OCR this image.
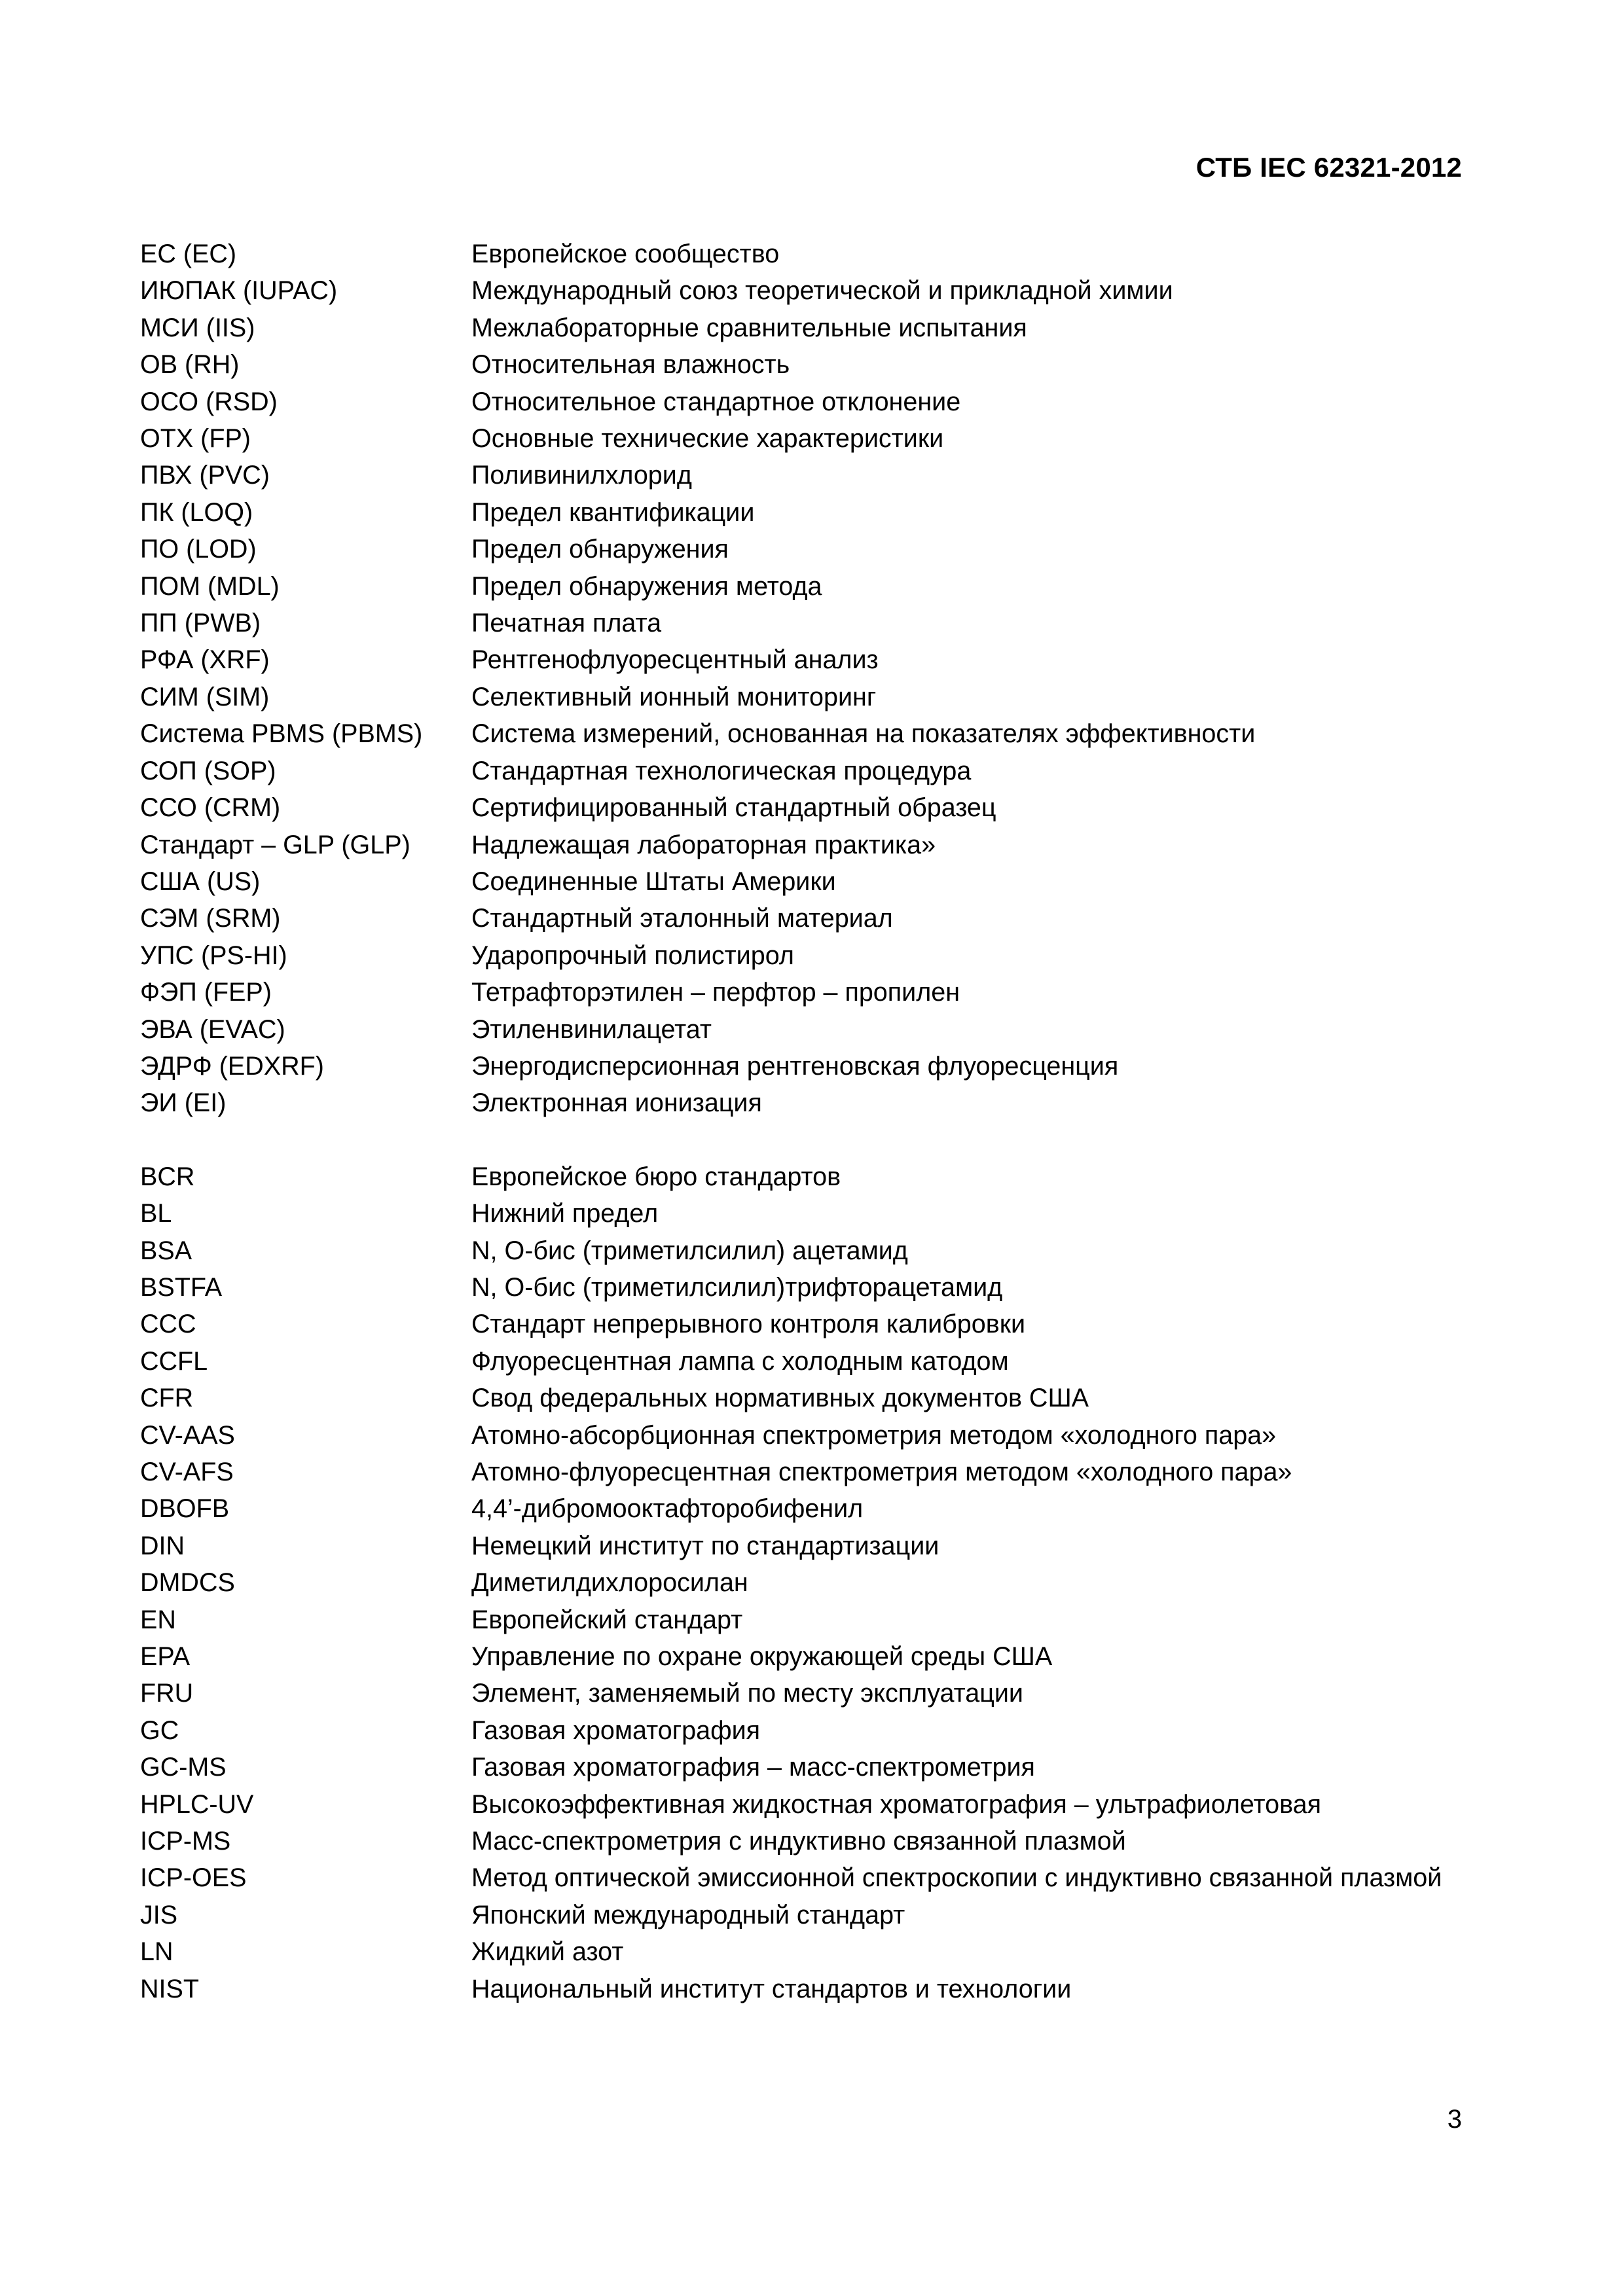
СТБ IEC 62321-2012
ЕС (ЕС)	Европейское сообщество
ИЮПАК (IUPAC)	Международный союз теоретической и прикладной химии
МСИ (IIS)	Межлабораторные сравнительные испытания
ОВ (RH)	Относительная влажность
ОСО (RSD)	Относительное стандартное отклонение
ОТХ (FP)	Основные технические характеристики
ПВХ (PVC)	Поливинилхлорид
ПК (LOQ)	Предел квантификации
ПО (LOD)	Предел обнаружения
ПОМ (MDL)	Предел обнаружения метода
ПП (PWB)	Печатная плата
РФА (XRF)	Рентгенофлуоресцентный анализ
СИМ (SIM)	Селективный ионный мониторинг
Система PBMS (PBMS)	Система измерений, основанная на показателях эффективности
СОП (SOP)	Стандартная технологическая процедура
ССО (CRM)	Сертифицированный стандартный образец
Стандарт – GLP (GLP)	Надлежащая лабораторная практика»
США (US)	Соединенные Штаты Америки
СЭМ (SRM)	Стандартный эталонный материал
УПС (PS-HI)	Ударопрочный полистирол
ФЭП (FEP)	Тетрафторэтилен – перфтор – пропилен
ЭВА (EVAC)	Этиленвинилацетат
ЭДРФ (EDXRF)	Энергодисперсионная рентгеновская флуоресценция
ЭИ (EI)	Электронная ионизация
BCR	Европейское бюро стандартов
BL	Нижний предел
BSA	N, O-бис (триметилсилил) ацетамид
BSTFA	N, O-бис (триметилсилил)трифторацетамид
CCC	Стандарт непрерывного контроля калибровки
CCFL	Флуоресцентная лампа с холодным катодом
CFR	Свод федеральных нормативных документов США
CV-AAS	Атомно-абсорбционная спектрометрия методом «холодного пара»
CV-AFS	Атомно-флуоресцентная спектрометрия методом «холодного пара»
DBOFB	4,4’-дибромооктафторобифенил
DIN	Немецкий институт по стандартизации
DMDCS	Диметилдихлоросилан
EN	Европейский стандарт
EPA	Управление по охране окружающей среды США
FRU	Элемент, заменяемый по месту эксплуатации
GC	Газовая хроматография
GC-MS	Газовая хроматография – масс-спектрометрия
HPLC-UV	Высокоэффективная жидкостная хроматография – ультрафиолетовая
ICP-MS	Масс-спектрометрия с индуктивно связанной плазмой
ICP-OES	Метод оптической эмиссионной спектроскопии с индуктивно связанной плазмой
JIS	Японский международный стандарт
LN	Жидкий азот
NIST	Национальный институт стандартов и технологии
3
